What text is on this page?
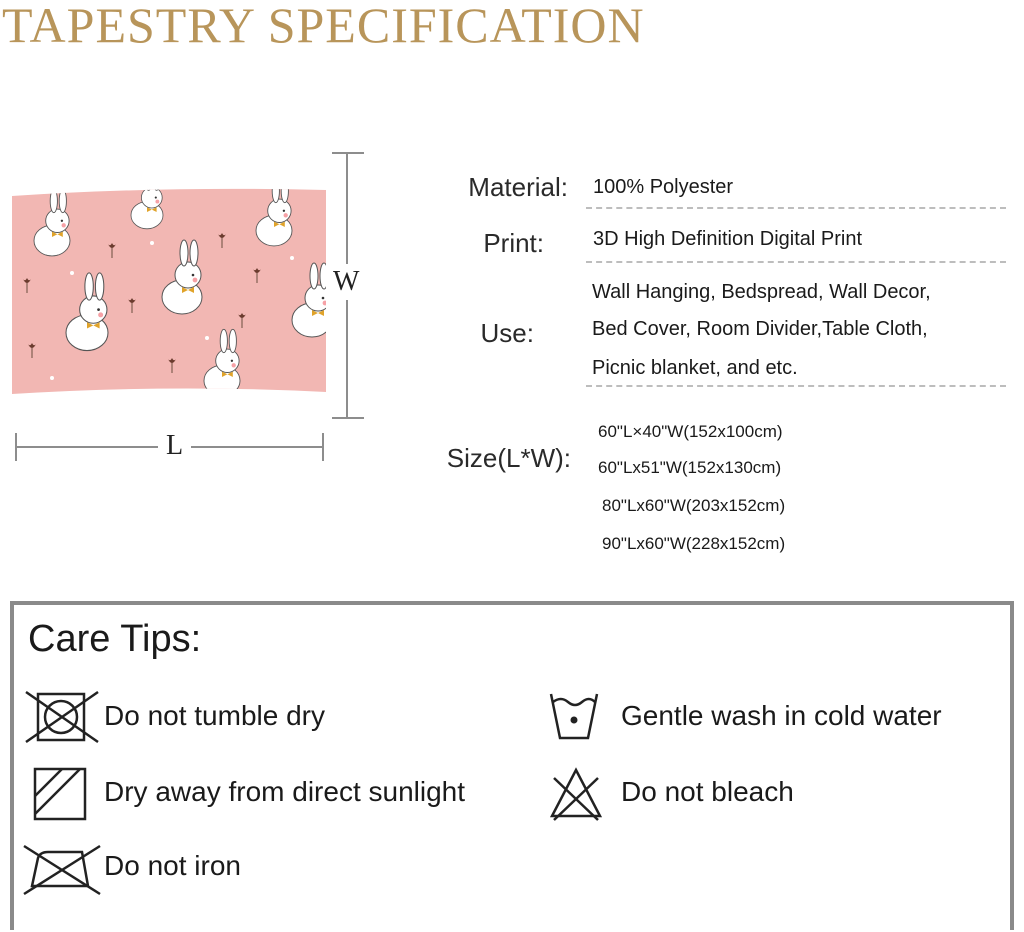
TAPESTRY SPECIFICATION
W
L
Material: 100% Polyester
Print: 3D High Definition Digital Print
Use:
Wall Hanging, Bedspread, Wall Decor,
Bed Cover, Room Divider,Table Cloth,
Picnic blanket, and etc.
Size(L*W):
60"L×40"W(152x100cm)
60"Lx51"W(152x130cm)
80"Lx60"W(203x152cm)
90"Lx60"W(228x152cm)
Care Tips:
Do not tumble dry
Dry away from direct sunlight
Do not iron
Gentle wash in cold water
Do not bleach
